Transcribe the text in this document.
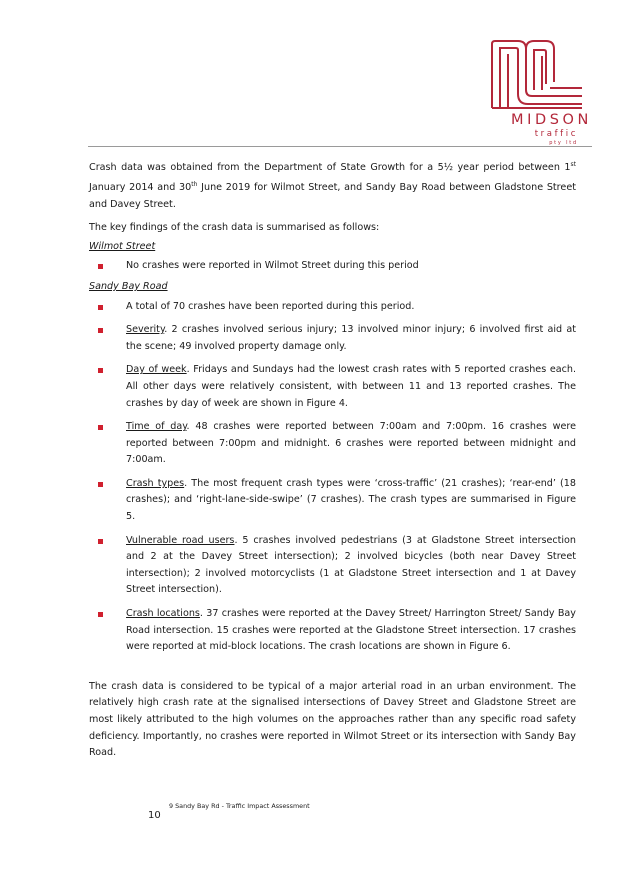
MIDSON
traffic
pty ltd

Crash data was obtained from the Department of State Growth for a 5½ year period between 1st January 2014 and 30th June 2019 for Wilmot Street, and Sandy Bay Road between Gladstone Street and Davey Street.

The key findings of the crash data is summarised as follows:

Wilmot Street
No crashes were reported in Wilmot Street during this period
Sandy Bay Road
A total of 70 crashes have been reported during this period.
Severity. 2 crashes involved serious injury; 13 involved minor injury; 6 involved first aid at the scene; 49 involved property damage only.
Day of week. Fridays and Sundays had the lowest crash rates with 5 reported crashes each. All other days were relatively consistent, with between 11 and 13 reported crashes. The crashes by day of week are shown in Figure 4.
Time of day. 48 crashes were reported between 7:00am and 7:00pm. 16 crashes were reported between 7:00pm and midnight. 6 crashes were reported between midnight and 7:00am.
Crash types. The most frequent crash types were ‘cross-traffic’ (21 crashes); ‘rear-end’ (18 crashes); and ‘right-lane-side-swipe’ (7 crashes). The crash types are summarised in Figure 5.
Vulnerable road users. 5 crashes involved pedestrians (3 at Gladstone Street intersection and 2 at the Davey Street intersection); 2 involved bicycles (both near Davey Street intersection); 2 involved motorcyclists (1 at Gladstone Street intersection and 1 at Davey Street intersection).
Crash locations. 37 crashes were reported at the Davey Street/ Harrington Street/ Sandy Bay Road intersection. 15 crashes were reported at the Gladstone Street intersection. 17 crashes were reported at mid-block locations. The crash locations are shown in Figure 6.

The crash data is considered to be typical of a major arterial road in an urban environment. The relatively high crash rate at the signalised intersections of Davey Street and Gladstone Street are most likely attributed to the high volumes on the approaches rather than any specific road safety deficiency. Importantly, no crashes were reported in Wilmot Street or its intersection with Sandy Bay Road.

10
9 Sandy Bay Rd - Traffic Impact Assessment
